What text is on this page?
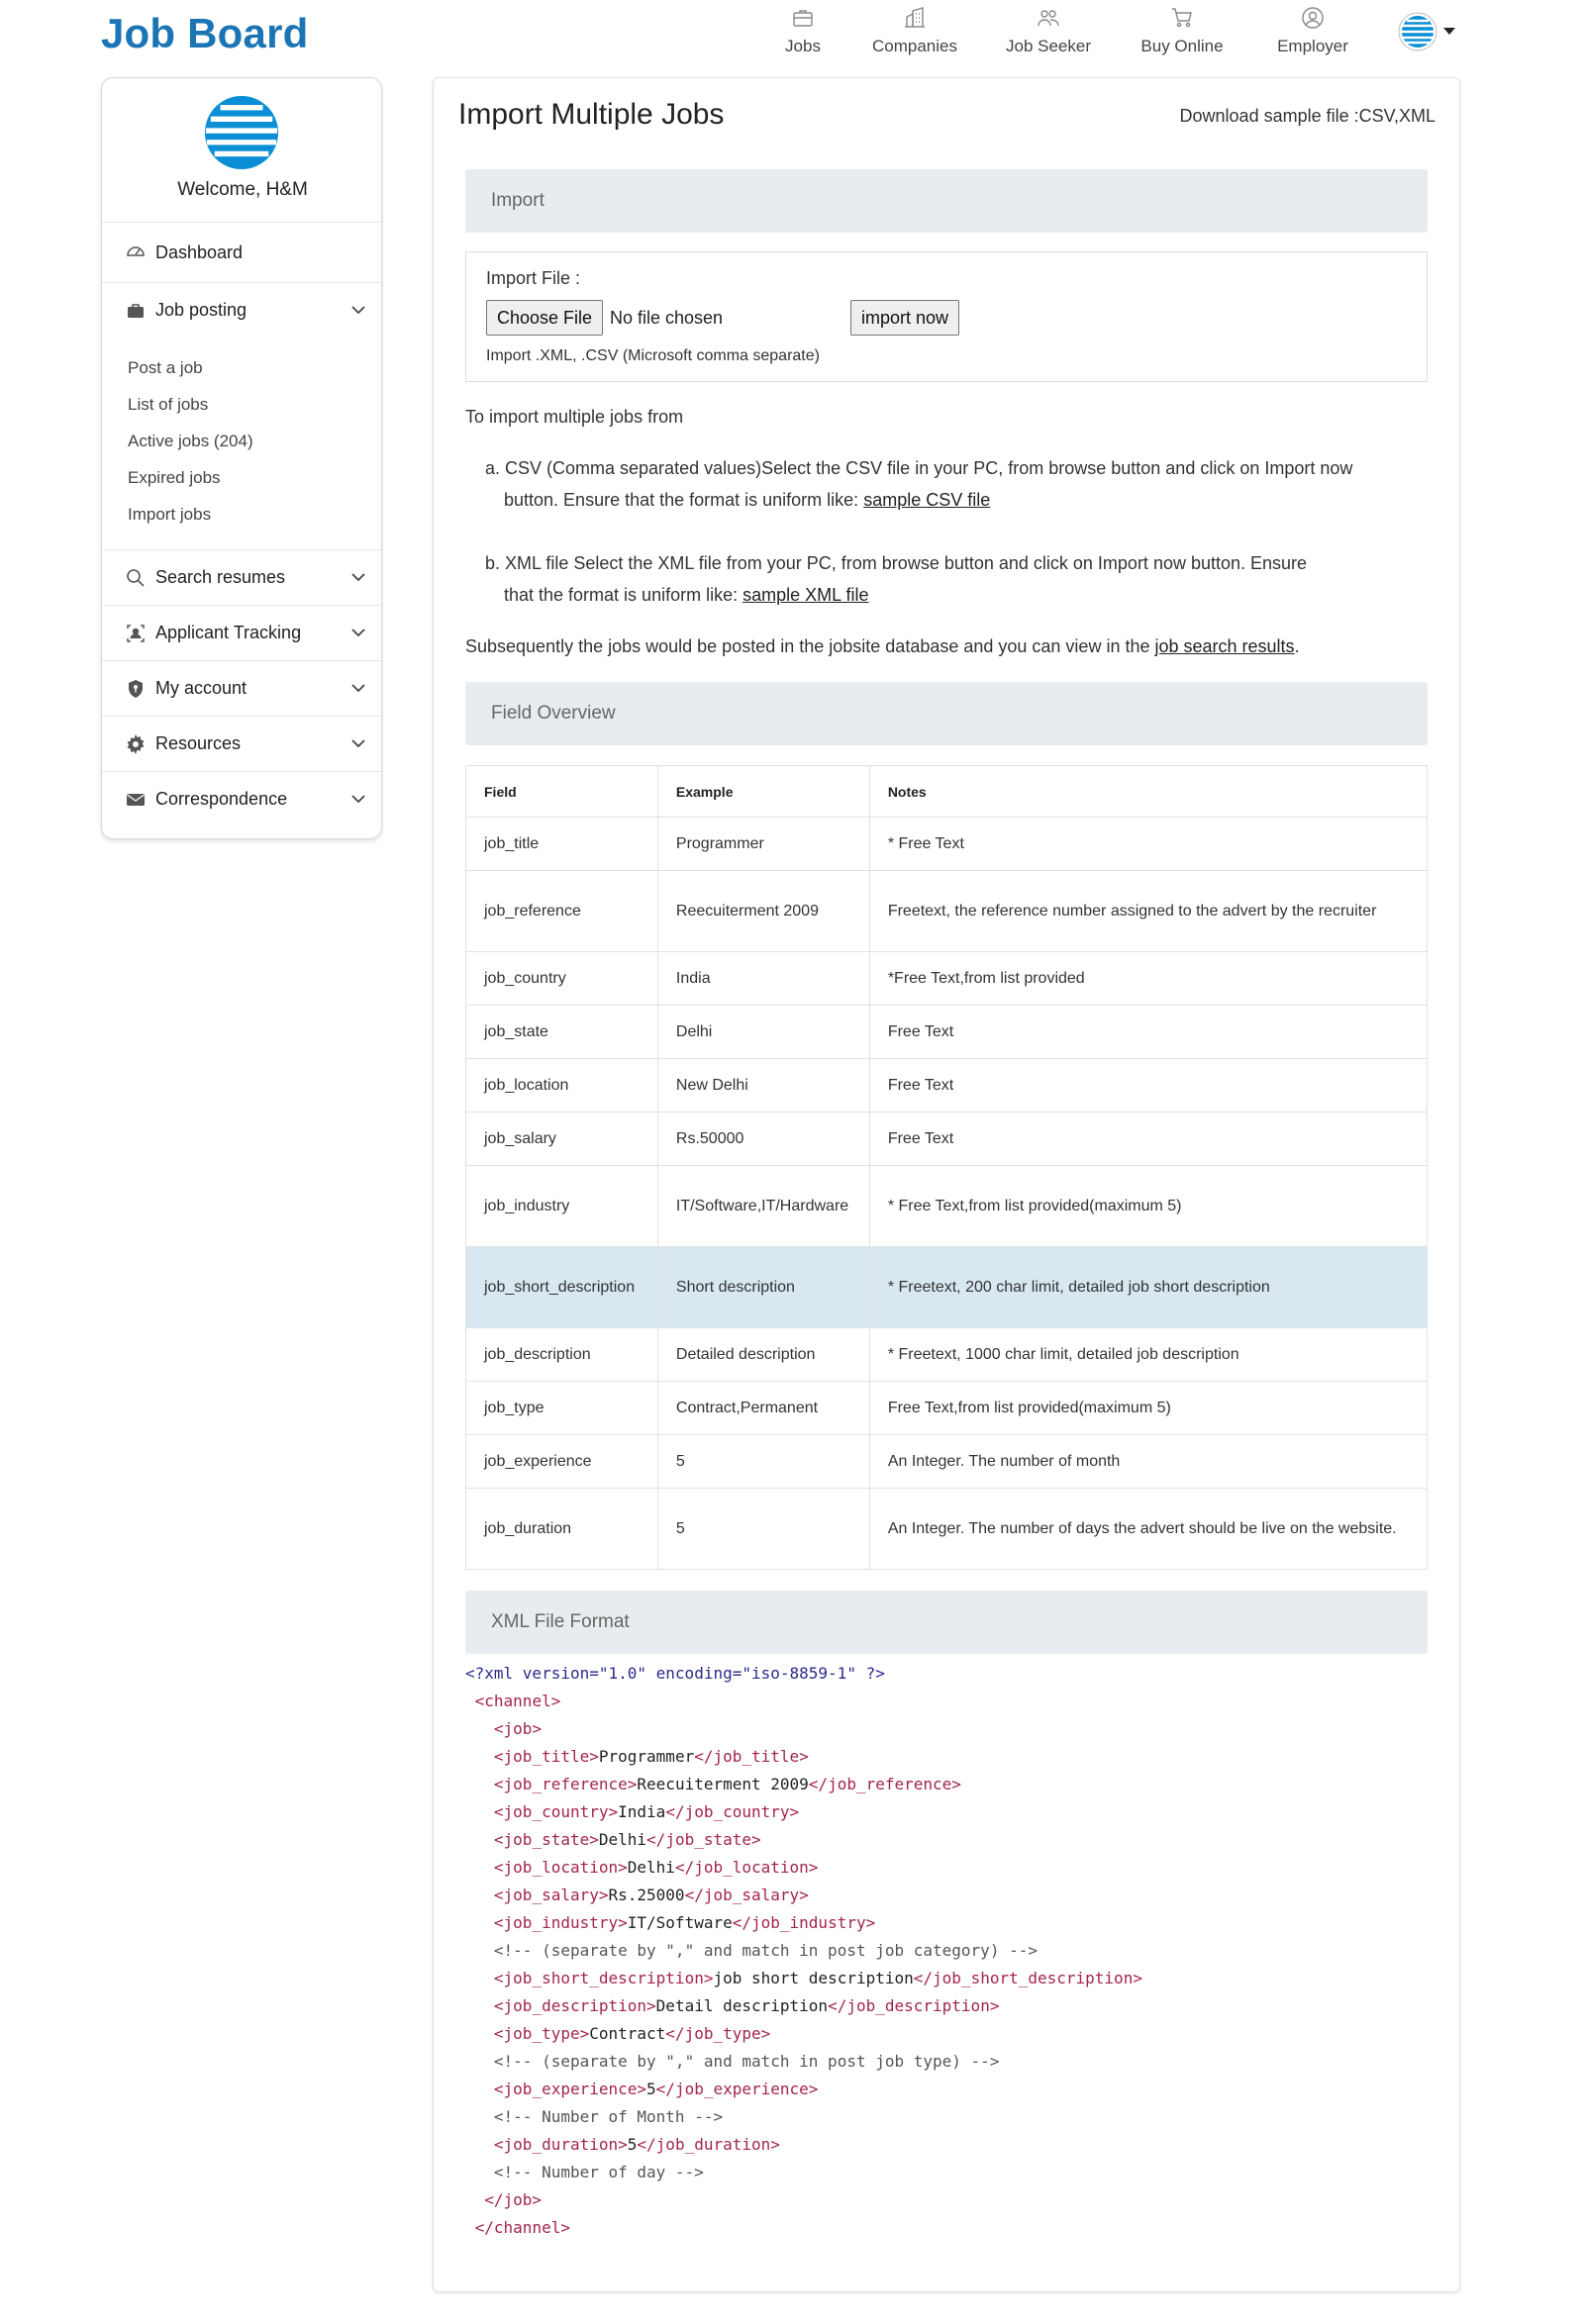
Job Board	Jobs	Companies	Job Seeker	Buy Online	Employer
Welcome, H&M
Dashboard
Job posting
Post a job
List of jobs
Active jobs (204)
Expired jobs
Import jobs
Search resumes
Applicant Tracking
My account
Resources
Correspondence
Import Multiple Jobs	Download sample file :CSV,XML
Import
Import File :
Choose File No file chosen	import now
Import .XML, .CSV (Microsoft comma separate)
To import multiple jobs from
a. CSV (Comma separated values)Select the CSV file in your PC, from browse button and click on Import now
button. Ensure that the format is uniform like: sample CSV file
b. XML file Select the XML file from your PC, from browse button and click on Import now button. Ensure
that the format is uniform like: sample XML file
Subsequently the jobs would be posted in the jobsite database and you can view in the job search results.
Field Overview
Field	Example	Notes
job_title	Programmer	* Free Text
job_reference	Reecuiterment 2009	Freetext, the reference number assigned to the advert by the recruiter
job_country	India	*Free Text,from list provided
job_state	Delhi	Free Text
job_location	New Delhi	Free Text
job_salary	Rs.50000	Free Text
job_industry	IT/Software,IT/Hardware	* Free Text,from list provided(maximum 5)
job_short_description	Short description	* Freetext, 200 char limit, detailed job short description
job_description	Detailed description	* Freetext, 1000 char limit, detailed job description
job_type	Contract,Permanent	Free Text,from list provided(maximum 5)
job_experience	5	An Integer. The number of month
job_duration	5	An Integer. The number of days the advert should be live on the website.
XML File Format
<?xml version="1.0" encoding="iso-8859-1" ?>
<channel>
<job>
<job_title>Programmer</job_title>
<job_reference>Reecuiterment 2009</job_reference>
<job_country>India</job_country>
<job_state>Delhi</job_state>
<job_location>Delhi</job_location>
<job_salary>Rs.25000</job_salary>
<job_industry>IT/Software</job_industry>
<!-- (separate by "," and match in post job category) -->
<job_short_description>job short description</job_short_description>
<job_description>Detail description</job_description>
<job_type>Contract</job_type>
<!-- (separate by "," and match in post job type) -->
<job_experience>5</job_experience>
<!-- Number of Month -->
<job_duration>5</job_duration>
<!-- Number of day -->
</job>
</channel>
